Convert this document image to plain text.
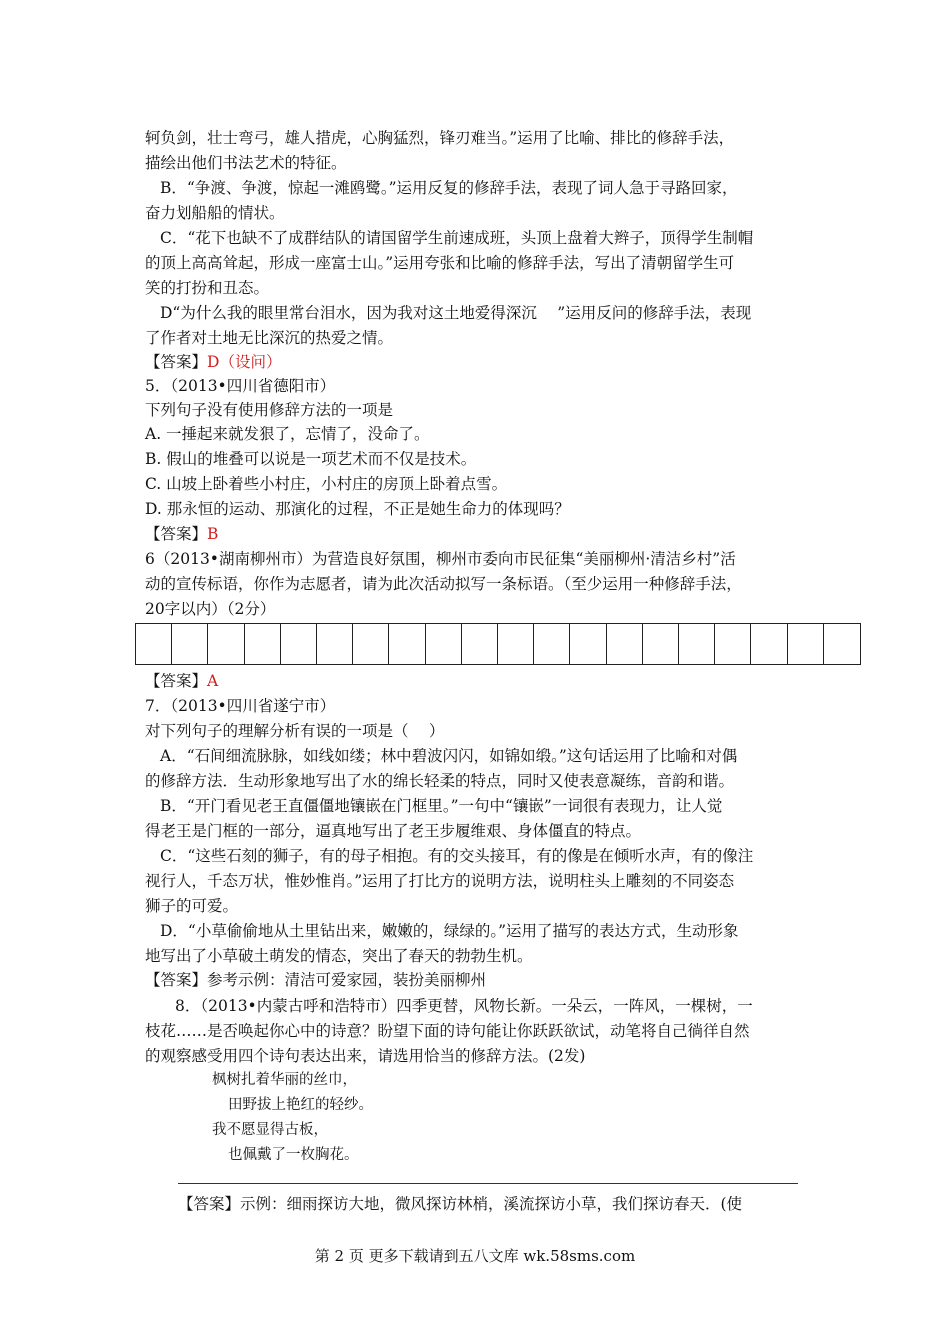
轲负剑，壮士弯弓，雄人措虎，心胸猛烈，锋刃难当。”运用了比喻、排比的修辞手法，
描绘出他们书法艺术的特征。
B．“争渡、争渡，惊起一滩鸥鹭。”运用反复的修辞手法，表现了词人急于寻路回家，
奋力划船船的情状。
C．“花下也缺不了成群结队的请国留学生前速成班，头顶上盘着大辫子，顶得学生制帽
的顶上高高耸起，形成一座富士山。”运用夸张和比喻的修辞手法，写出了清朝留学生可
笑的打扮和丑态。
D“为什么我的眼里常台泪水，因为我对这土地爱得深沉　 ”运用反问的修辞手法，表现
了作者对土地无比深沉的热爱之情。
【答案】D（设问）
5．（2013•四川省德阳市）
下列句子没有使用修辞方法的一项是
A. 一捶起来就发狠了，忘情了，没命了。
B. 假山的堆叠可以说是一项艺术而不仅是技术。
C. 山坡上卧着些小村庄，小村庄的房顶上卧着点雪。
D. 那永恒的运动、那演化的过程，不正是她生命力的体现吗？
【答案】B
6（2013•湖南柳州市）为营造良好氛围，柳州市委向市民征集“美丽柳州·清洁乡村”活
动的宣传标语，你作为志愿者，请为此次活动拟写一条标语。（至少运用一种修辞手法，
20字以内）（2分）
【答案】A
7．（2013•四川省遂宁市）
对下列句子的理解分析有误的一项是（　 ）
A．“石间细流脉脉，如线如缕；林中碧波闪闪，如锦如缎。”这句话运用了比喻和对偶
的修辞方法．生动形象地写出了水的绵长轻柔的特点，同时又使表意凝练，音韵和谐。
B．“开门看见老王直僵僵地镶嵌在门框里。”一句中“镶嵌”一词很有表现力，让人觉
得老王是门框的一部分，逼真地写出了老王步履维艰、身体僵直的特点。
C．“这些石刻的狮子，有的母子相抱。有的交头接耳，有的像是在倾听水声，有的像注
视行人，千态万状，惟妙惟肖。”运用了打比方的说明方法，说明柱头上雕刻的不同姿态
狮子的可爱。
D．“小草偷偷地从土里钻出来，嫩嫩的，绿绿的。”运用了描写的表达方式，生动形象
地写出了小草破土萌发的情态，突出了春天的勃勃生机。
【答案】参考示例：清洁可爱家园，装扮美丽柳州
8．（2013•内蒙古呼和浩特市）四季更替，风物长新。一朵云，一阵风，一棵树，一
枝花……是否唤起你心中的诗意？盼望下面的诗句能让你跃跃欲试，动笔将自己徜徉自然
的观察感受用四个诗句表达出来，请选用恰当的修辞方法。(2发)
枫树扎着华丽的丝巾，
田野拔上艳红的轻纱。
我不愿显得古板，
也佩戴了一枚胸花。
【答案】示例：细雨探访大地，微风探访林梢，溪流探访小草，我们探访春天．(使
第 2 页 更多下载请到五八文库 wk.58sms.com
